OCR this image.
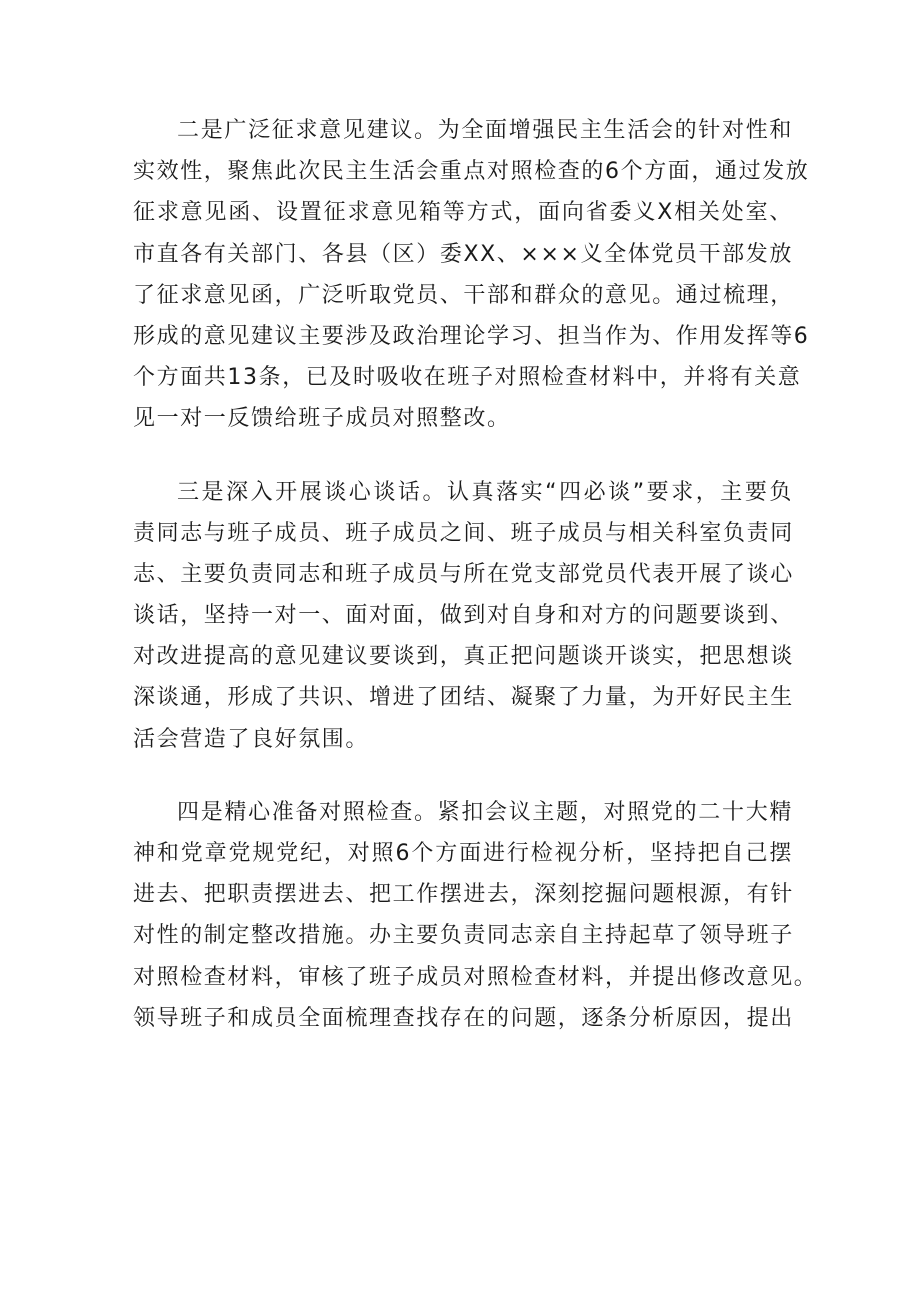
二是广泛征求意见建议。为全面增强民主生活会的针对性和
实效性，聚焦此次民主生活会重点对照检查的6个方面，通过发放
征求意见函、设置征求意见箱等方式，面向省委义X相关处室、
市直各有关部门、各县（区）委XX、×××义全体党员干部发放
了征求意见函，广泛听取党员、干部和群众的意见。通过梳理，
形成的意见建议主要涉及政治理论学习、担当作为、作用发挥等6
个方面共13条，已及时吸收在班子对照检查材料中，并将有关意
见一对一反馈给班子成员对照整改。
三是深入开展谈心谈话。认真落实“四必谈”要求，主要负
责同志与班子成员、班子成员之间、班子成员与相关科室负责同
志、主要负责同志和班子成员与所在党支部党员代表开展了谈心
谈话，坚持一对一、面对面，做到对自身和对方的问题要谈到、
对改进提高的意见建议要谈到，真正把问题谈开谈实，把思想谈
深谈通，形成了共识、增进了团结、凝聚了力量，为开好民主生
活会营造了良好氛围。
四是精心准备对照检查。紧扣会议主题，对照党的二十大精
神和党章党规党纪，对照6个方面进行检视分析，坚持把自己摆
进去、把职责摆进去、把工作摆进去，深刻挖掘问题根源，有针
对性的制定整改措施。办主要负责同志亲自主持起草了领导班子
对照检查材料，审核了班子成员对照检查材料，并提出修改意见。
领导班子和成员全面梳理查找存在的问题，逐条分析原因，提出
